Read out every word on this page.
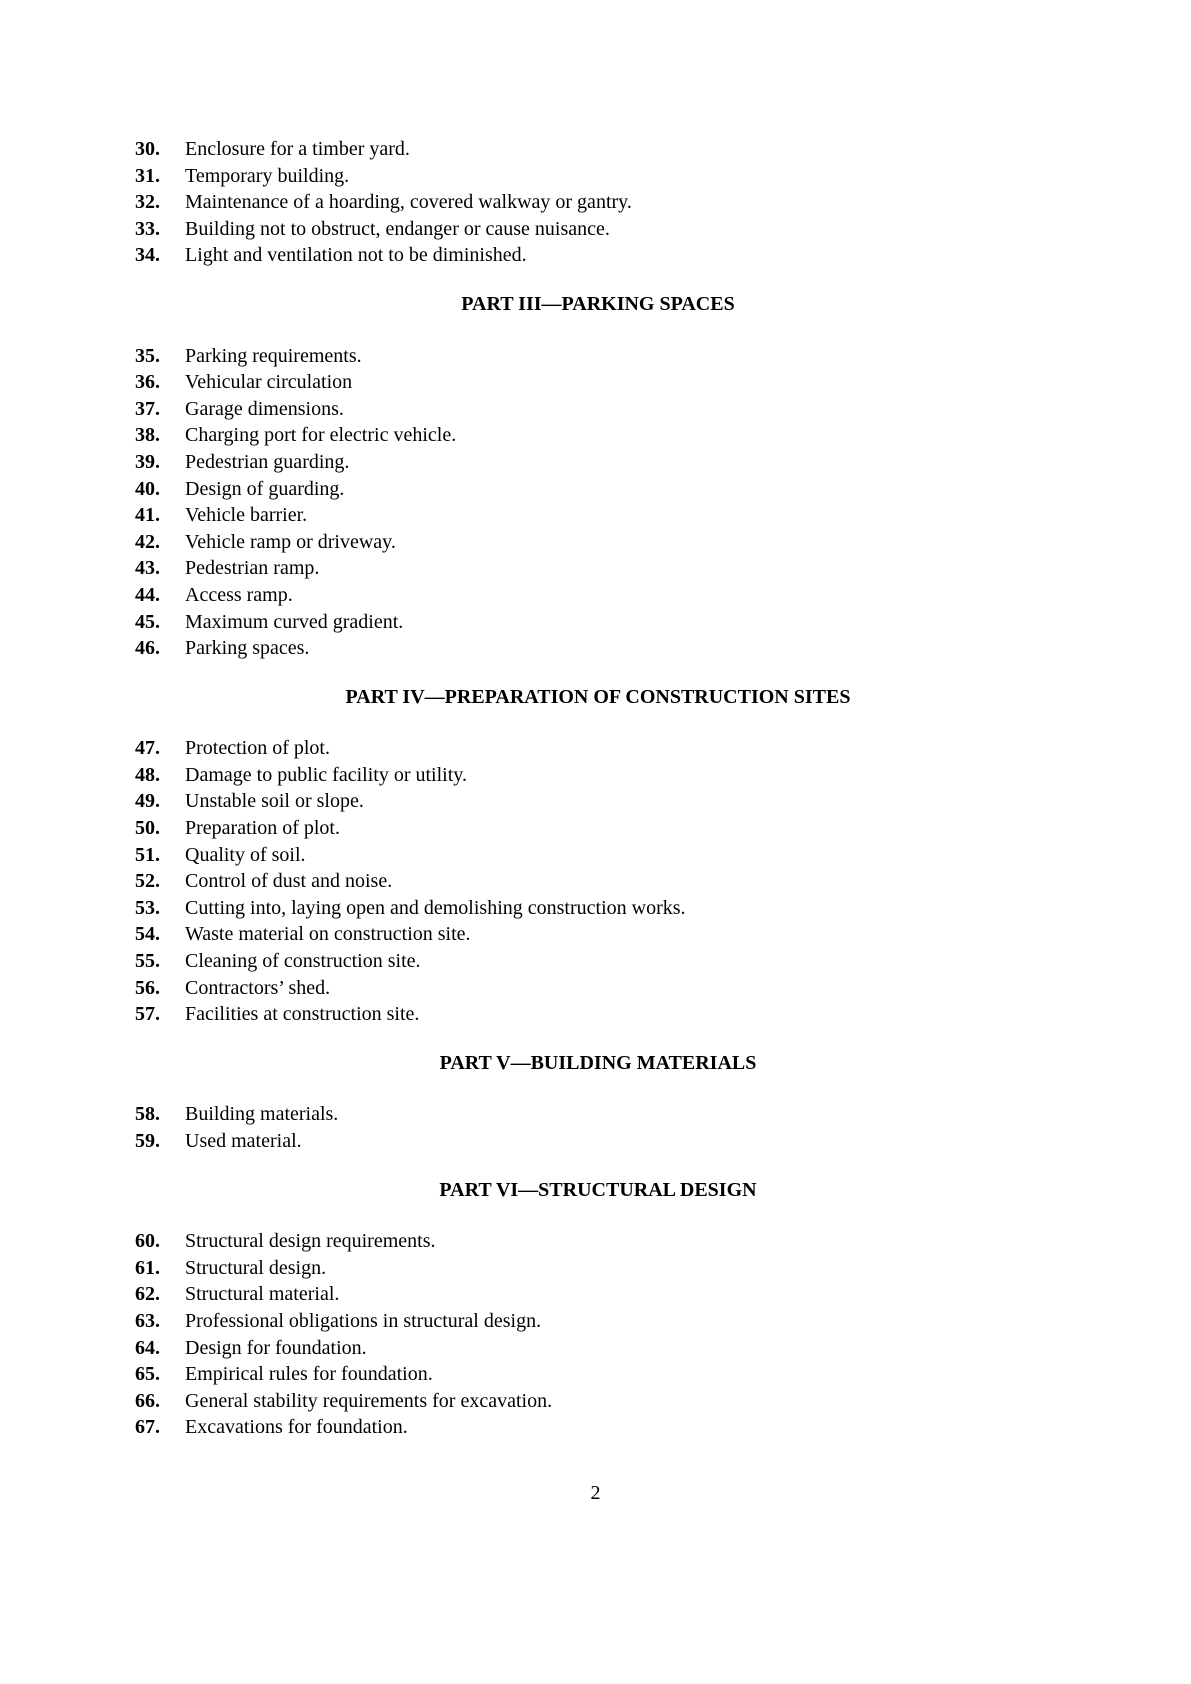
30.	Enclosure for a timber yard.
31.	Temporary building.
32.	Maintenance of a hoarding, covered walkway or gantry.
33.	Building not to obstruct, endanger or cause nuisance.
34.	Light and ventilation not to be diminished.
PART III—PARKING SPACES
35.	Parking requirements.
36.	Vehicular circulation
37.	Garage dimensions.
38.	Charging port for electric vehicle.
39.	Pedestrian guarding.
40.	Design of guarding.
41.	Vehicle barrier.
42.	Vehicle ramp or driveway.
43.	Pedestrian ramp.
44.	Access ramp.
45.	Maximum curved gradient.
46.	Parking spaces.
PART IV—PREPARATION OF CONSTRUCTION SITES
47.	Protection of plot.
48.	Damage to public facility or utility.
49.	Unstable soil or slope.
50.	Preparation of plot.
51.	Quality of soil.
52.	Control of dust and noise.
53.	Cutting into, laying open and demolishing construction works.
54.	Waste material on construction site.
55.	Cleaning of construction site.
56.	Contractors’ shed.
57.	Facilities at construction site.
PART V—BUILDING MATERIALS
58.	Building materials.
59.	Used material.
PART VI—STRUCTURAL DESIGN
60.	Structural design requirements.
61.	Structural design.
62.	Structural material.
63.	Professional obligations in structural design.
64.	Design for foundation.
65.	Empirical rules for foundation.
66.	General stability requirements for excavation.
67.	Excavations for foundation.
2
